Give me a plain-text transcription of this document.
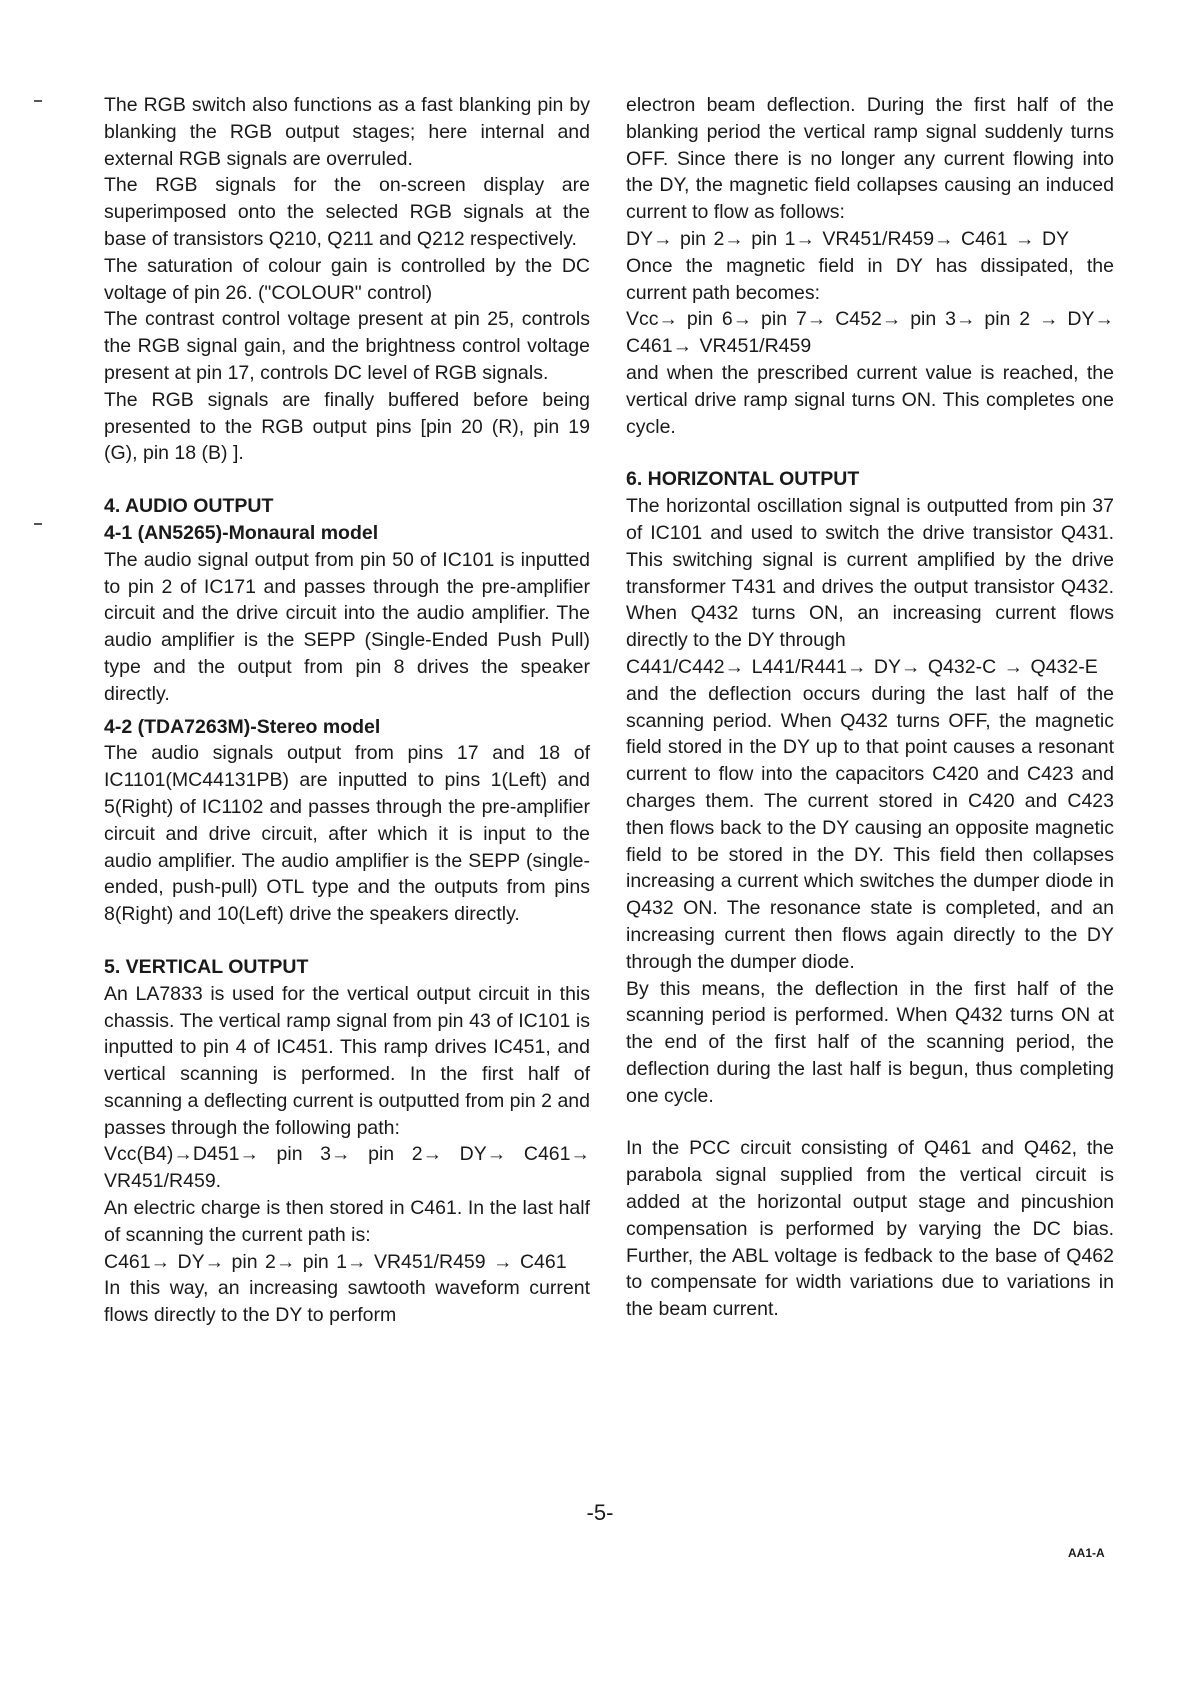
The RGB switch also functions as a fast blanking pin by blanking the RGB output stages; here internal and external RGB signals are overruled.

The RGB signals for the on-screen display are superimposed onto the selected RGB signals at the base of transistors Q210, Q211 and Q212 respectively.

The saturation of colour gain is controlled by the DC voltage of pin 26. ("COLOUR" control)

The contrast control voltage present at pin 25, controls the RGB signal gain, and the brightness control voltage present at pin 17, controls DC level of RGB signals.

The RGB signals are finally buffered before being presented to the RGB output pins [pin 20 (R), pin 19 (G), pin 18 (B) ].

4. AUDIO OUTPUT

4-1 (AN5265)-Monaural model

The audio signal output from pin 50 of IC101 is inputted to pin 2 of IC171 and passes through the pre-amplifier circuit and the drive circuit into the audio amplifier. The audio amplifier is the SEPP (Single-Ended Push Pull) type and the output from pin 8 drives the speaker directly.

4-2 (TDA7263M)-Stereo model

The audio signals output from pins 17 and 18 of IC1101(MC44131PB) are inputted to pins 1(Left) and 5(Right) of IC1102 and passes through the pre-amplifier circuit and drive circuit, after which it is input to the audio amplifier. The audio amplifier is the SEPP (single-ended, push-pull) OTL type and the outputs from pins 8(Right) and 10(Left) drive the speakers directly.

5. VERTICAL OUTPUT

An LA7833 is used for the vertical output circuit in this chassis. The vertical ramp signal from pin 43 of IC101 is inputted to pin 4 of IC451. This ramp drives IC451, and vertical scanning is performed. In the first half of scanning a deflecting current is outputted from pin 2 and passes through the following path:

Vcc(B4)→D451→ pin 3→ pin 2→ DY→ C461→ VR451/R459.

An electric charge is then stored in C461. In the last half of scanning the current path is:

C461→ DY→ pin 2→ pin 1→ VR451/R459 → C461

In this way, an increasing sawtooth waveform current flows directly to the DY to perform

electron beam deflection. During the first half of the blanking period the vertical ramp signal suddenly turns OFF. Since there is no longer any current flowing into the DY, the magnetic field collapses causing an induced current to flow as follows:

DY→ pin 2→ pin 1→ VR451/R459→ C461 → DY

Once the magnetic field in DY has dissipated, the current path becomes:

Vcc→ pin 6→ pin 7→ C452→ pin 3→ pin 2 → DY→ C461→ VR451/R459

and when the prescribed current value is reached, the vertical drive ramp signal turns ON. This completes one cycle.

6. HORIZONTAL OUTPUT

The horizontal oscillation signal is outputted from pin 37 of IC101 and used to switch the drive transistor Q431. This switching signal is current amplified by the drive transformer T431 and drives the output transistor Q432. When Q432 turns ON, an increasing current flows directly to the DY through

C441/C442→ L441/R441→ DY→ Q432-C → Q432-E

and the deflection occurs during the last half of the scanning period. When Q432 turns OFF, the magnetic field stored in the DY up to that point causes a resonant current to flow into the capacitors C420 and C423 and charges them. The current stored in C420 and C423 then flows back to the DY causing an opposite magnetic field to be stored in the DY. This field then collapses increasing a current which switches the dumper diode in Q432 ON. The resonance state is completed, and an increasing current then flows again directly to the DY through the dumper diode.

By this means, the deflection in the first half of the scanning period is performed. When Q432 turns ON at the end of the first half of the scanning period, the deflection during the last half is begun, thus completing one cycle.

In the PCC circuit consisting of Q461 and Q462, the parabola signal supplied from the vertical circuit is added at the horizontal output stage and pincushion compensation is performed by varying the DC bias. Further, the ABL voltage is fedback to the base of Q462 to compensate for width variations due to variations in the beam current.

-5-
AA1-A
